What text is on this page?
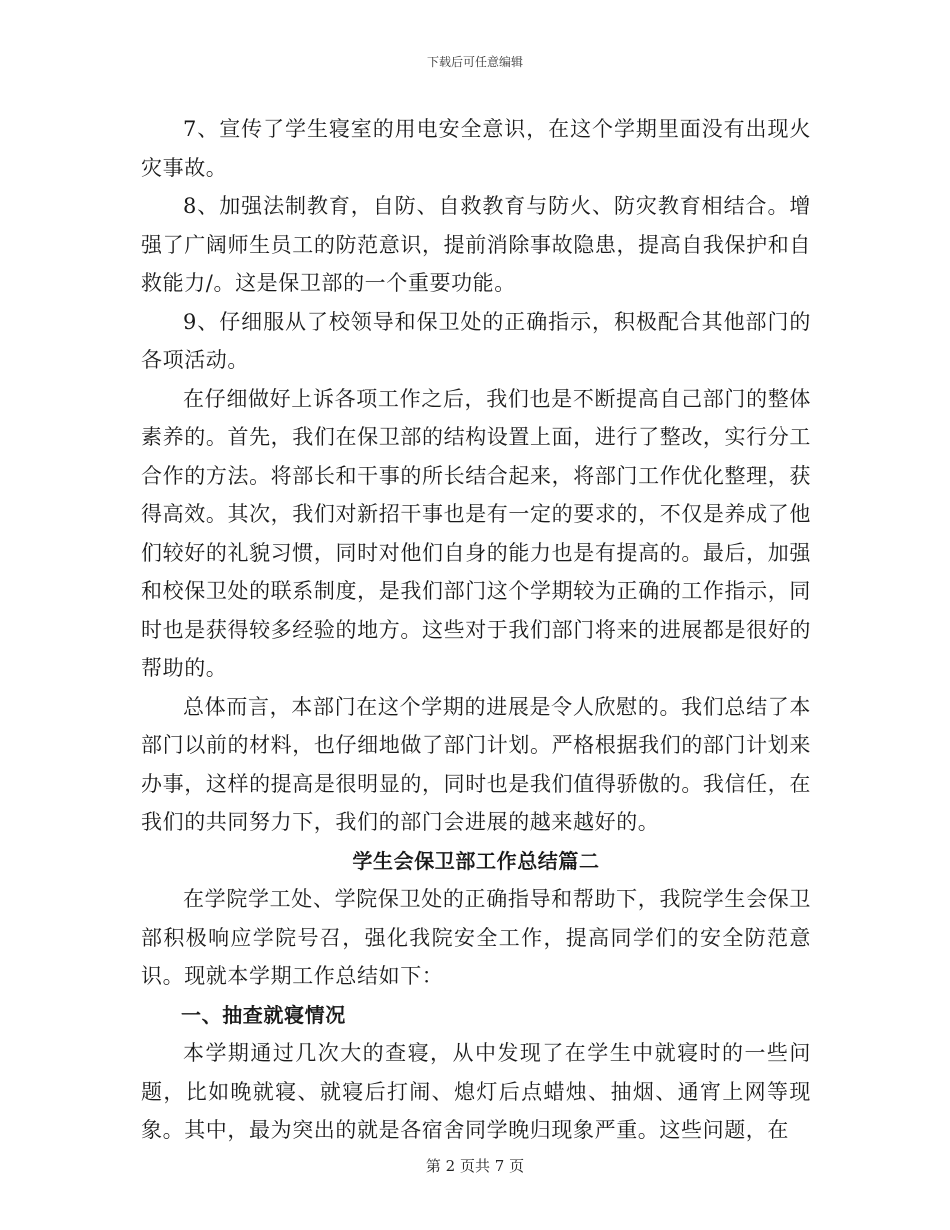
下载后可任意编辑

7、宣传了学生寝室的用电安全意识，在这个学期里面没有出现火灾事故。

8、加强法制教育，自防、自救教育与防火、防灾教育相结合。增强了广阔师生员工的防范意识，提前消除事故隐患，提高自我保护和自救能力/。这是保卫部的一个重要功能。

9、仔细服从了校领导和保卫处的正确指示，积极配合其他部门的各项活动。

在仔细做好上诉各项工作之后，我们也是不断提高自己部门的整体素养的。首先，我们在保卫部的结构设置上面，进行了整改，实行分工合作的方法。将部长和干事的所长结合起来，将部门工作优化整理，获得高效。其次，我们对新招干事也是有一定的要求的，不仅是养成了他们较好的礼貌习惯，同时对他们自身的能力也是有提高的。最后，加强和校保卫处的联系制度，是我们部门这个学期较为正确的工作指示，同时也是获得较多经验的地方。这些对于我们部门将来的进展都是很好的帮助的。

总体而言，本部门在这个学期的进展是令人欣慰的。我们总结了本部门以前的材料，也仔细地做了部门计划。严格根据我们的部门计划来办事，这样的提高是很明显的，同时也是我们值得骄傲的。我信任，在我们的共同努力下，我们的部门会进展的越来越好的。

学生会保卫部工作总结篇二

在学院学工处、学院保卫处的正确指导和帮助下，我院学生会保卫部积极响应学院号召，强化我院安全工作，提高同学们的安全防范意识。现就本学期工作总结如下：

一、抽查就寝情况

本学期通过几次大的查寝，从中发现了在学生中就寝时的一些问题，比如晚就寝、就寝后打闹、熄灯后点蜡烛、抽烟、通宵上网等现象。其中，最为突出的就是各宿舍同学晚归现象严重。这些问题，在

第 2 页共 7 页
